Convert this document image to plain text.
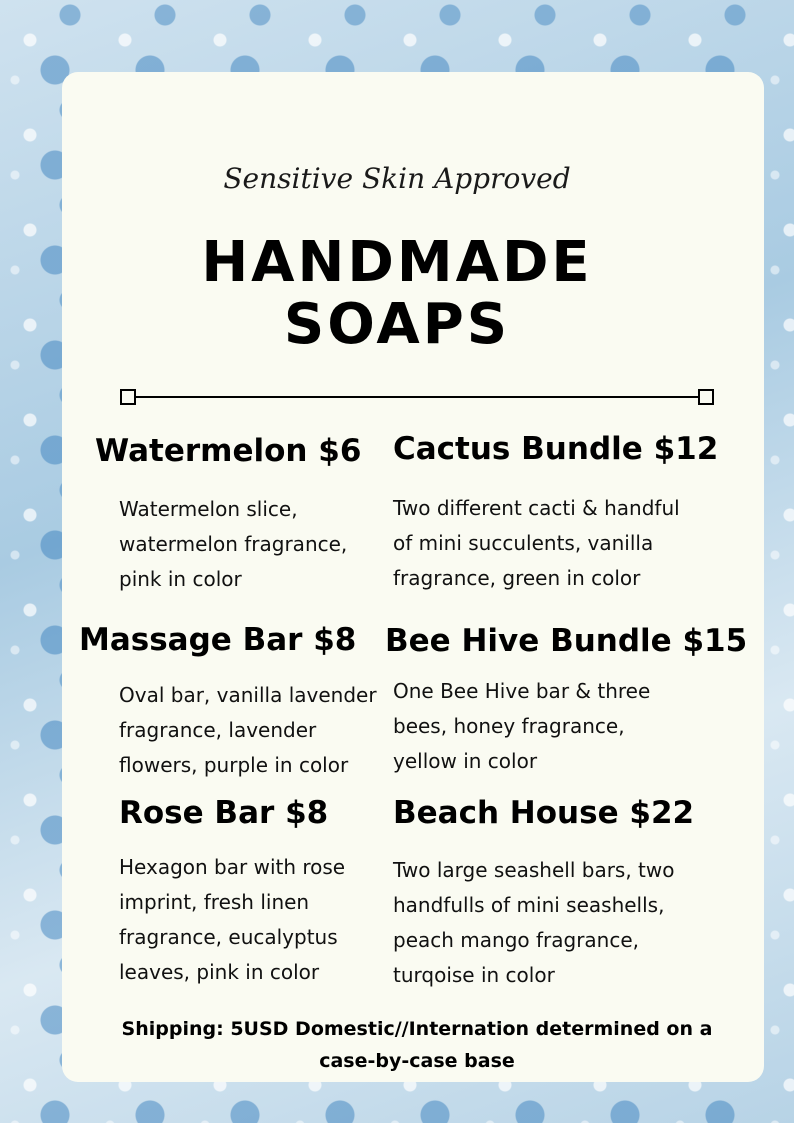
Sensitive Skin Approved
HANDMADE
SOAPS
Watermelon $6
Watermelon slice,
watermelon fragrance,
pink in color
Cactus Bundle $12
Two different cacti & handful
of mini succulents, vanilla
fragrance, green in color
Massage Bar $8
Oval bar, vanilla lavender
fragrance, lavender
flowers, purple in color
Bee Hive Bundle $15
One Bee Hive bar & three
bees, honey fragrance,
yellow in color
Rose Bar $8
Hexagon bar with rose
imprint, fresh linen
fragrance, eucalyptus
leaves, pink in color
Beach House $22
Two large seashell bars, two
handfulls of mini seashells,
peach mango fragrance,
turqoise in color
Shipping: 5USD Domestic//Internation determined on a
case-by-case base
